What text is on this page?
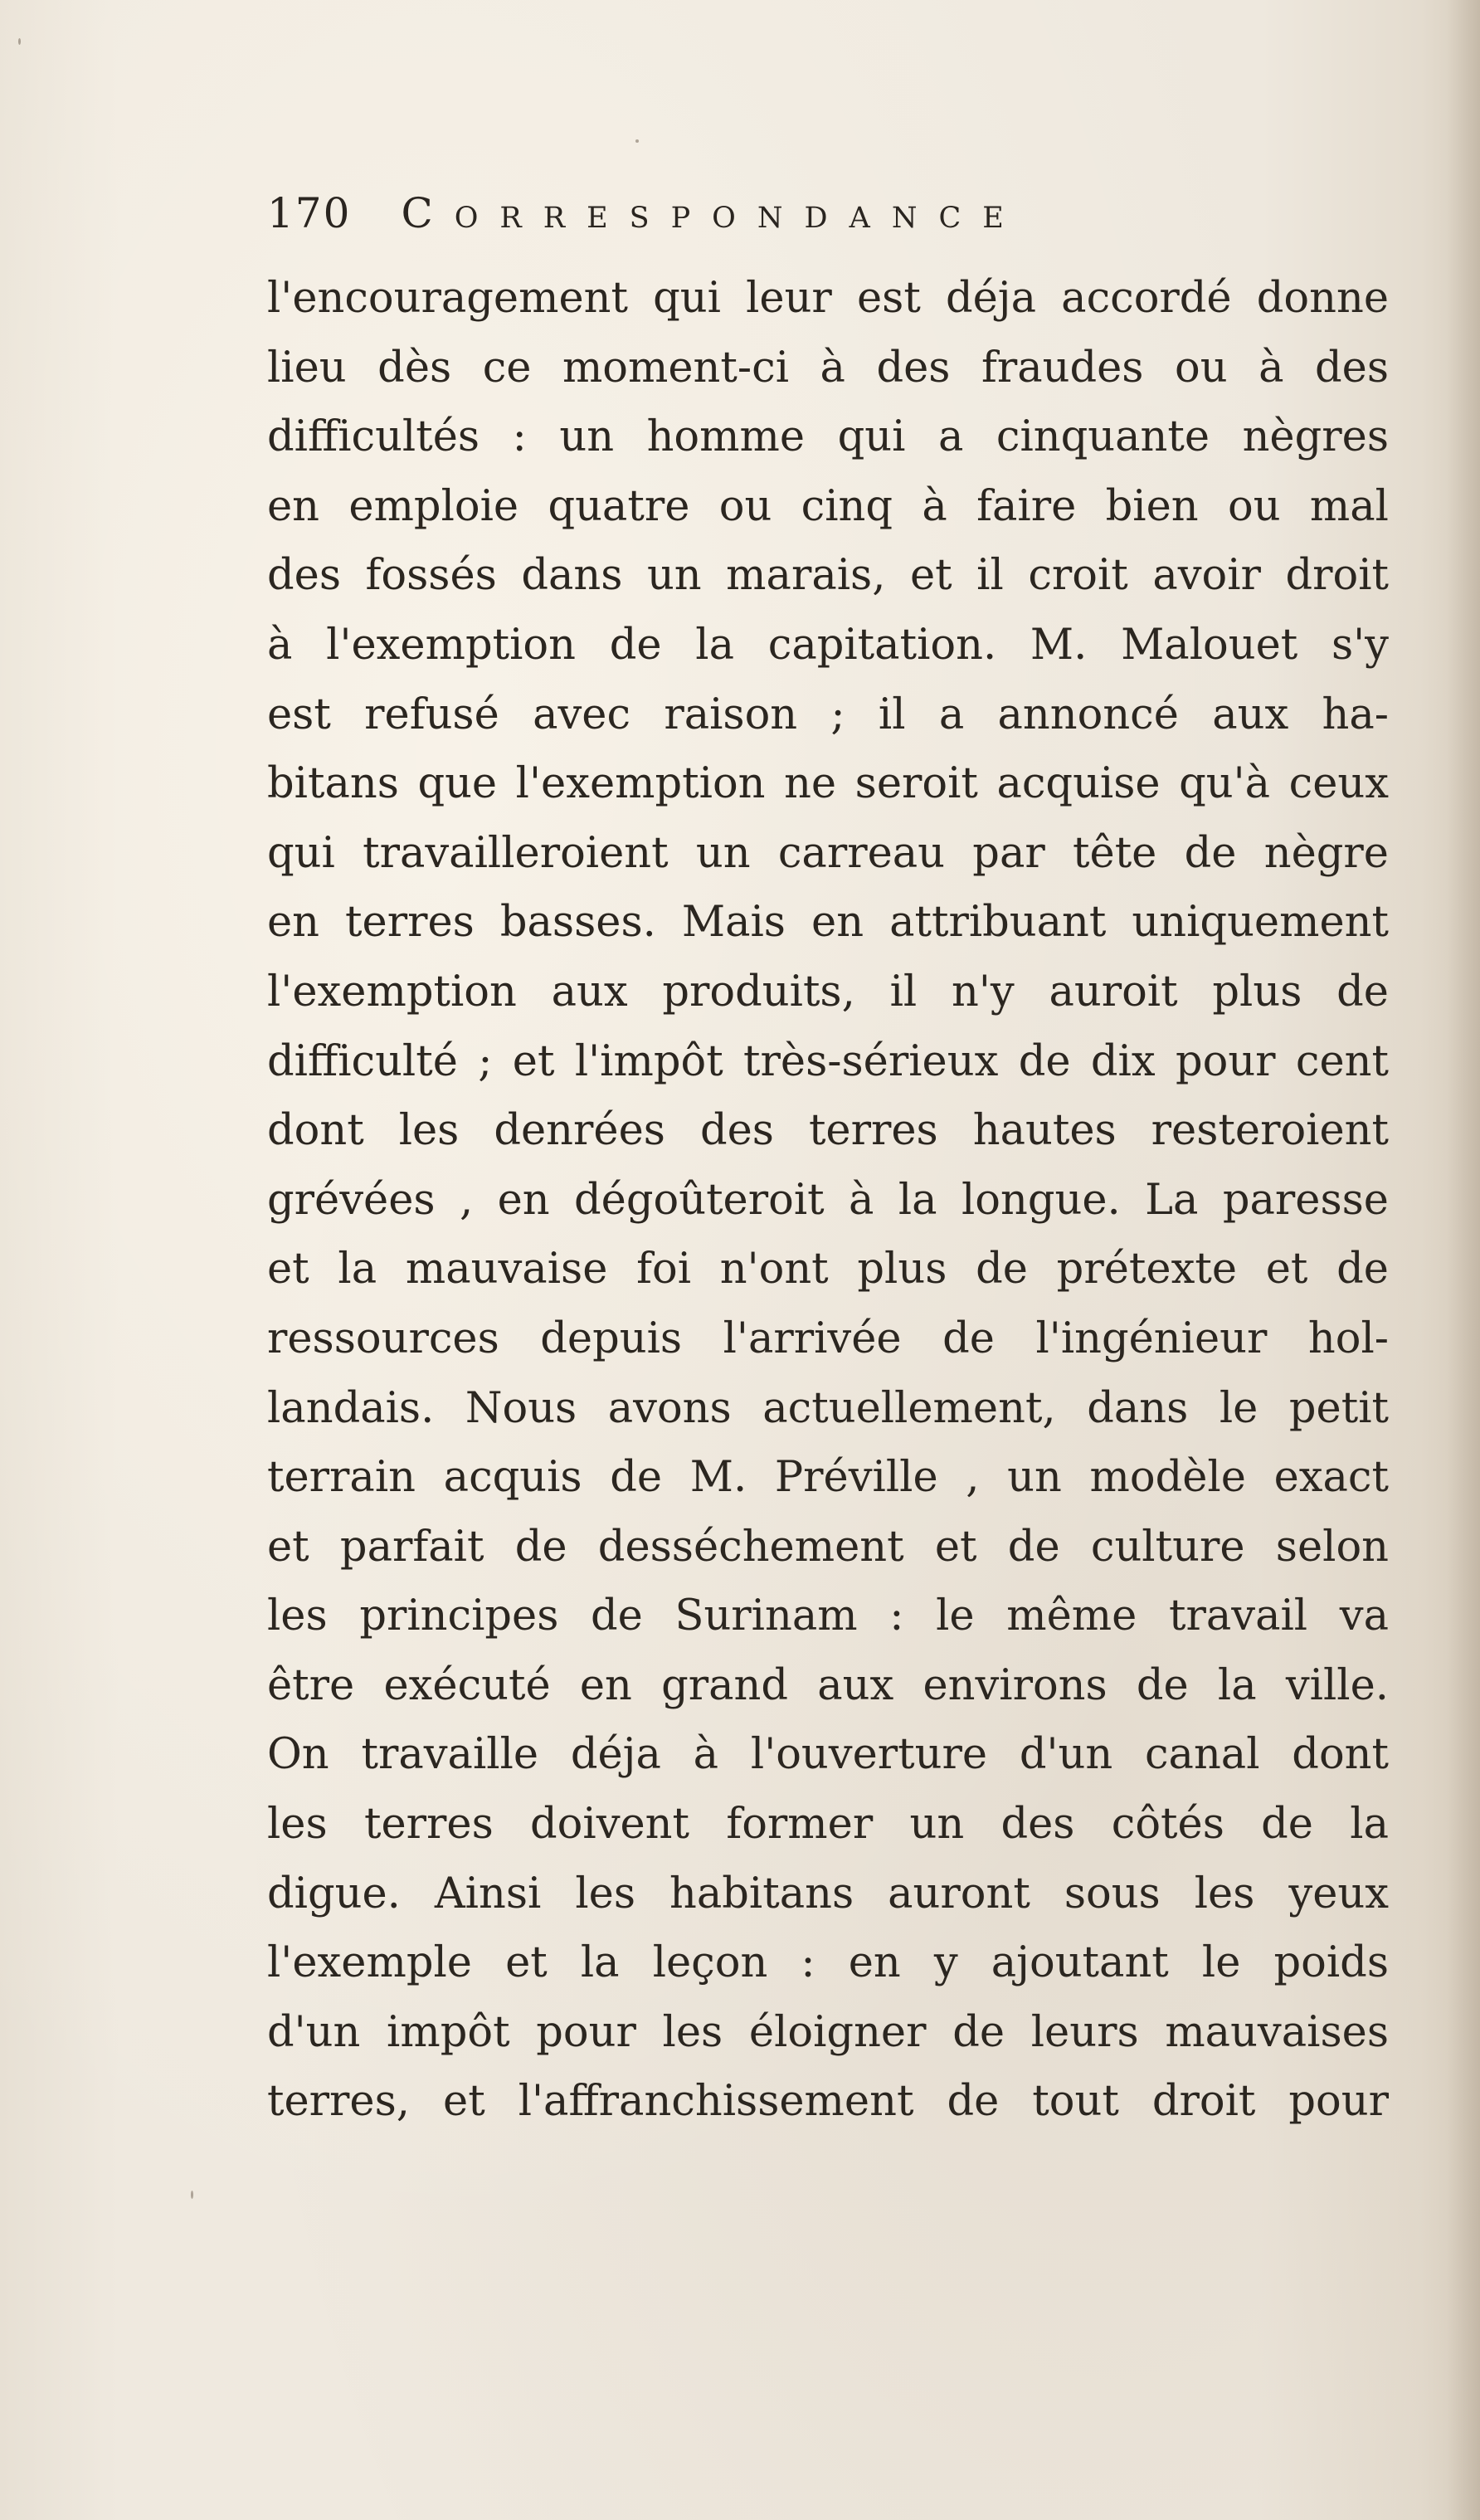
170 Correspondance
l'encouragement qui leur est déja accordé donne
lieu dès ce moment-ci à des fraudes ou à des
difficultés : un homme qui a cinquante nègres
en emploie quatre ou cinq à faire bien ou mal
des fossés dans un marais, et il croit avoir droit
à l'exemption de la capitation. M. Malouet s'y
est refusé avec raison ; il a annoncé aux ha-
bitans que l'exemption ne seroit acquise qu'à ceux
qui travailleroient un carreau par tête de nègre
en terres basses. Mais en attribuant uniquement
l'exemption aux produits, il n'y auroit plus de
difficulté ; et l'impôt très-sérieux de dix pour cent
dont les denrées des terres hautes resteroient
grévées , en dégoûteroit à la longue. La paresse
et la mauvaise foi n'ont plus de prétexte et de
ressources depuis l'arrivée de l'ingénieur hol-
landais. Nous avons actuellement, dans le petit
terrain acquis de M. Préville , un modèle exact
et parfait de desséchement et de culture selon
les principes de Surinam : le même travail va
être exécuté en grand aux environs de la ville.
On travaille déja à l'ouverture d'un canal dont
les terres doivent former un des côtés de la
digue. Ainsi les habitans auront sous les yeux
l'exemple et la leçon : en y ajoutant le poids
d'un impôt pour les éloigner de leurs mauvaises
terres, et l'affranchissement de tout droit pour
